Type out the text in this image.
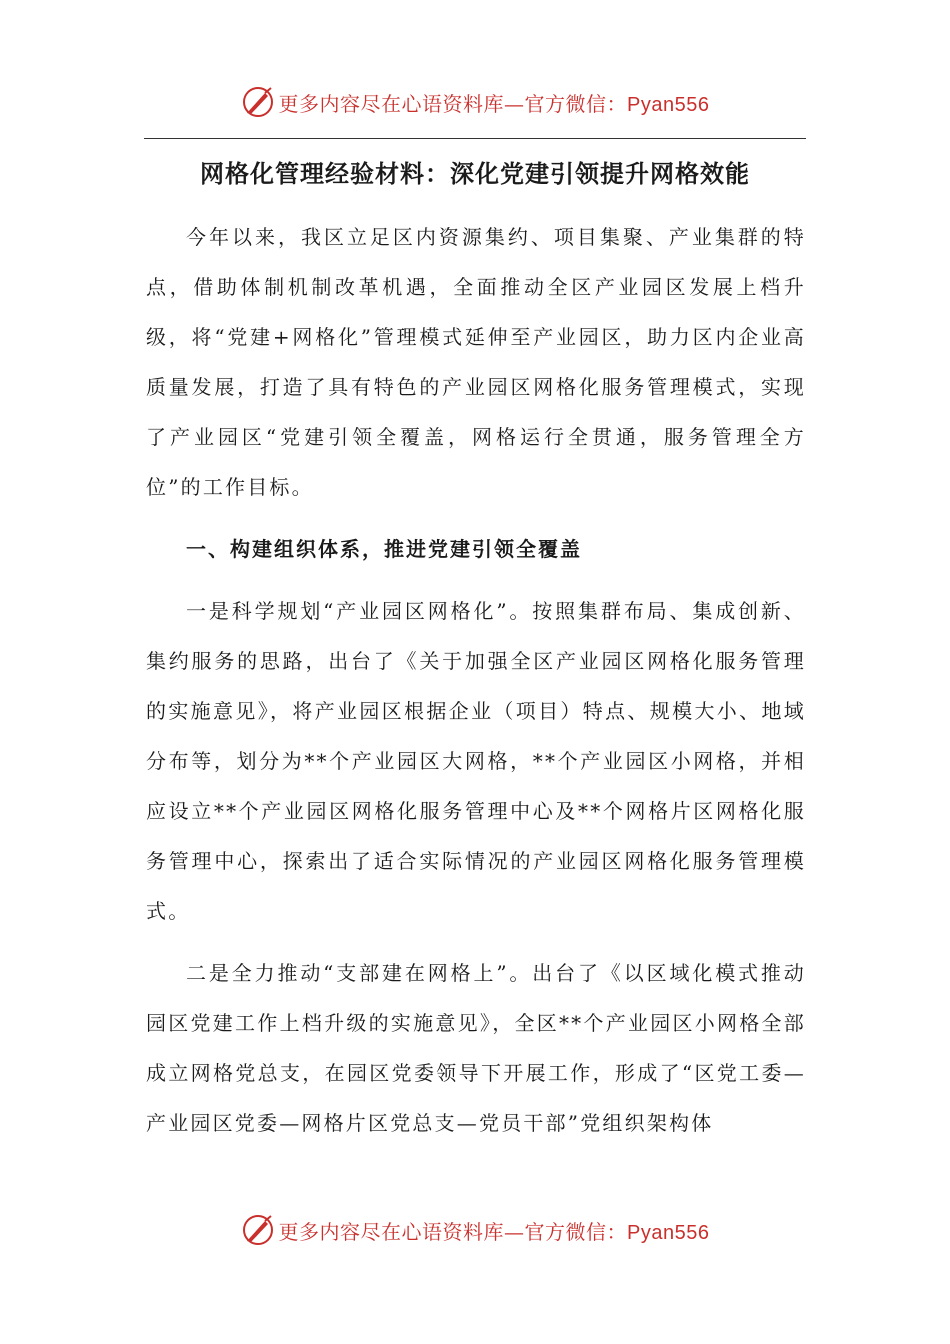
更多内容尽在心语资料库—官方微信：Pyan556
网格化管理经验材料：深化党建引领提升网格效能

今年以来，我区立足区内资源集约、项目集聚、产业集群的特点，借助体制机制改革机遇，全面推动全区产业园区发展上档升级，将“党建+网格化”管理模式延伸至产业园区，助力区内企业高质量发展，打造了具有特色的产业园区网格化服务管理模式，实现了产业园区“党建引领全覆盖，网格运行全贯通，服务管理全方位”的工作目标。

一、构建组织体系，推进党建引领全覆盖

一是科学规划“产业园区网格化”。按照集群布局、集成创新、集约服务的思路，出台了《关于加强全区产业园区网格化服务管理的实施意见》，将产业园区根据企业（项目）特点、规模大小、地域分布等，划分为**个产业园区大网格，**个产业园区小网格，并相应设立**个产业园区网格化服务管理中心及**个网格片区网格化服务管理中心，探索出了适合实际情况的产业园区网格化服务管理模式。

二是全力推动“支部建在网格上”。出台了《以区域化模式推动园区党建工作上档升级的实施意见》，全区**个产业园区小网格全部成立网格党总支，在园区党委领导下开展工作，形成了“区党工委—产业园区党委—网格片区党总支—党员干部”党组织架构体

更多内容尽在心语资料库—官方微信：Pyan556
